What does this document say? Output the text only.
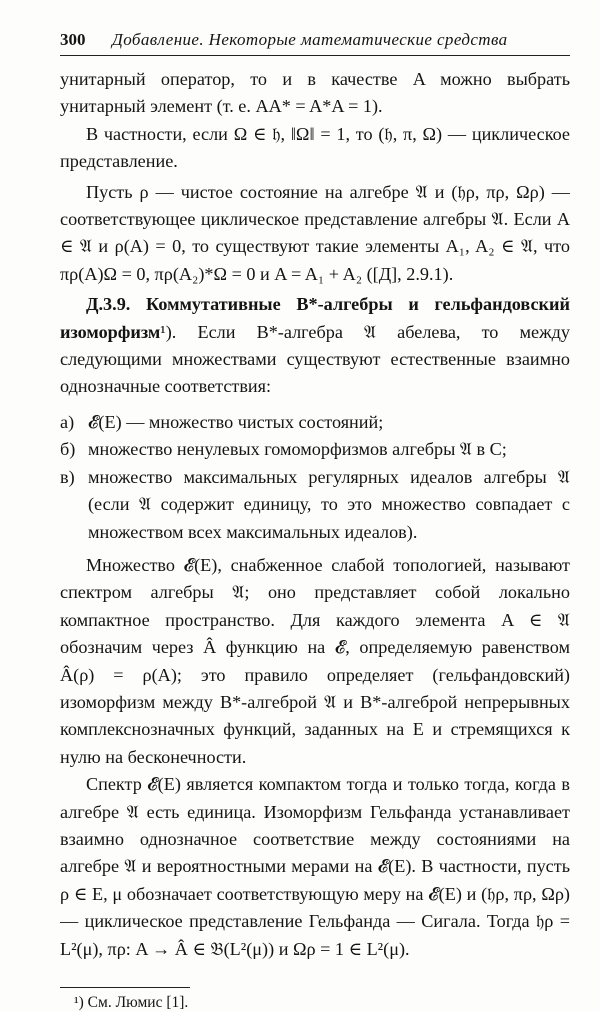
300	Добавление. Некоторые математические средства

унитарный оператор, то и в качестве A можно выбрать унитарный элемент (т. е. AA* = A*A = 1).

В частности, если Ω ∈ 𝔥, ‖Ω‖ = 1, то (𝔥, π, Ω) — циклическое представление.

Пусть ρ — чистое состояние на алгебре 𝔄 и (𝔥ρ, πρ, Ωρ) — соответствующее циклическое представление алгебры 𝔄. Если A ∈ 𝔄 и ρ(A) = 0, то существуют такие элементы A₁, A₂ ∈ 𝔄, что πρ(A)Ω = 0, πρ(A₂)*Ω = 0 и A = A₁ + A₂ ([Д], 2.9.1).

Д.3.9. Коммутативные B*-алгебры и гельфандовский изоморфизм¹). Если B*-алгебра 𝔄 абелева, то между следующими множествами существуют естественные взаимно однозначные соответствия:

а) 𝓔(E) — множество чистых состояний;
б) множество ненулевых гомоморфизмов алгебры 𝔄 в C;
в) множество максимальных регулярных идеалов алгебры 𝔄 (если 𝔄 содержит единицу, то это множество совпадает с множеством всех максимальных идеалов).

Множество 𝓔(E), снабженное слабой топологией, называют спектром алгебры 𝔄; оно представляет собой локально компактное пространство. Для каждого элемента A ∈ 𝔄 обозначим через Â функцию на 𝓔, определяемую равенством Â(ρ) = ρ(A); это правило определяет (гельфандовский) изоморфизм между B*-алгеброй 𝔄 и B*-алгеброй непрерывных комплекснозначных функций, заданных на E и стремящихся к нулю на бесконечности.

Спектр 𝓔(E) является компактом тогда и только тогда, когда в алгебре 𝔄 есть единица. Изоморфизм Гельфанда устанавливает взаимно однозначное соответствие между состояниями на алгебре 𝔄 и вероятностными мерами на 𝓔(E). В частности, пусть ρ ∈ E, μ обозначает соответствующую меру на 𝓔(E) и (𝔥ρ, πρ, Ωρ) — циклическое представление Гельфанда — Сигала. Тогда 𝔥ρ = L²(μ), πρ: A → Â ∈ 𝔅(L²(μ)) и Ωρ = 1 ∈ L²(μ).

¹) См. Люмис [1].
